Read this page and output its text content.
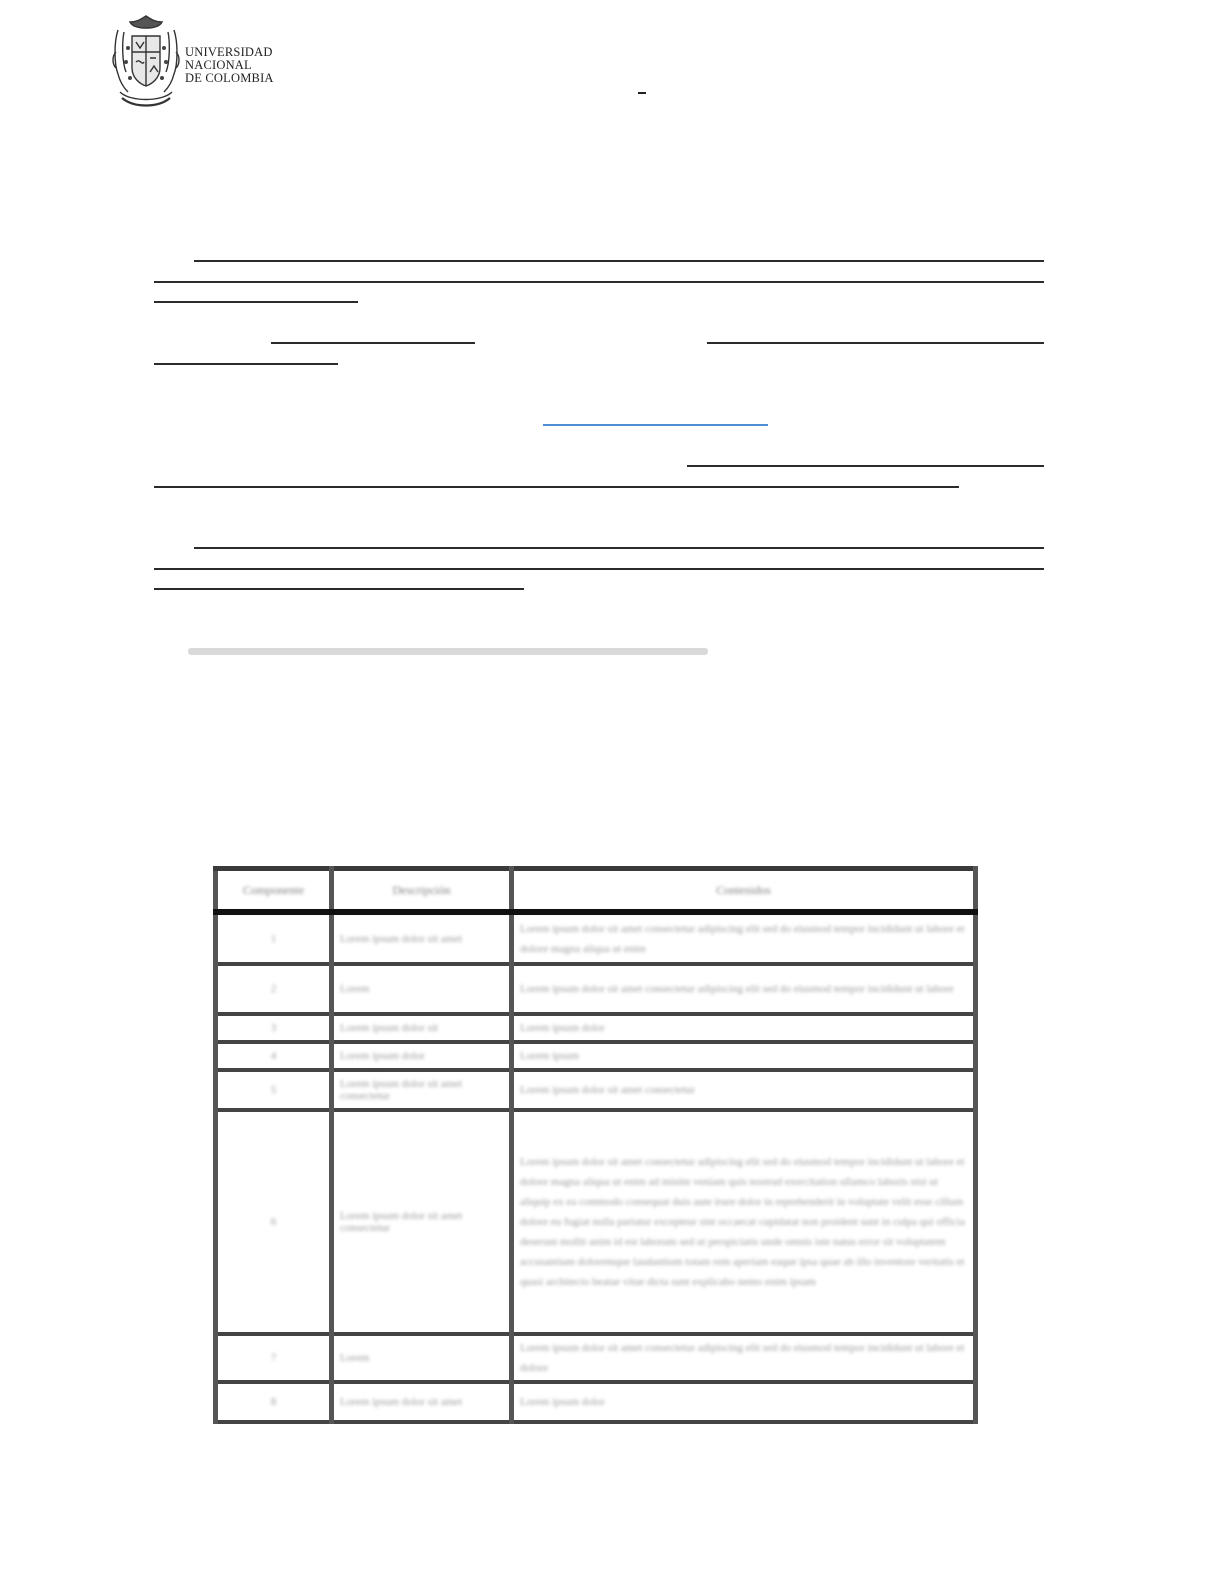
UNIVERSIDAD
NACIONAL
DE COLOMBIA
Componente	Descripción	Contenidos
1	Lorem ipsum dolor sit amet	Lorem ipsum dolor sit amet consectetur adipiscing elit sed do eiusmod tempor incididunt ut labore et dolore magna aliqua ut enim
2	Lorem	Lorem ipsum dolor sit amet consectetur adipiscing elit sed do eiusmod tempor incididunt ut labore
3	Lorem ipsum dolor sit	Lorem ipsum dolor
4	Lorem ipsum dolor	Lorem ipsum
5	Lorem ipsum dolor sit amet consectetur	Lorem ipsum dolor sit amet consectetur
6	Lorem ipsum dolor sit amet consectetur	Lorem ipsum dolor sit amet consectetur adipiscing elit sed do eiusmod tempor incididunt ut labore et dolore magna aliqua ut enim ad minim veniam quis nostrud exercitation ullamco laboris nisi ut aliquip ex ea commodo consequat duis aute irure dolor in reprehenderit in voluptate velit esse cillum dolore eu fugiat nulla pariatur excepteur sint occaecat cupidatat non proident sunt in culpa qui officia deserunt mollit anim id est laborum sed ut perspiciatis unde omnis iste natus error sit voluptatem accusantium doloremque laudantium totam rem aperiam eaque ipsa quae ab illo inventore veritatis et quasi architecto beatae vitae dicta sunt explicabo nemo enim ipsam
7	Lorem	Lorem ipsum dolor sit amet consectetur adipiscing elit sed do eiusmod tempor incididunt ut labore et dolore
8	Lorem ipsum dolor sit amet	Lorem ipsum dolor
